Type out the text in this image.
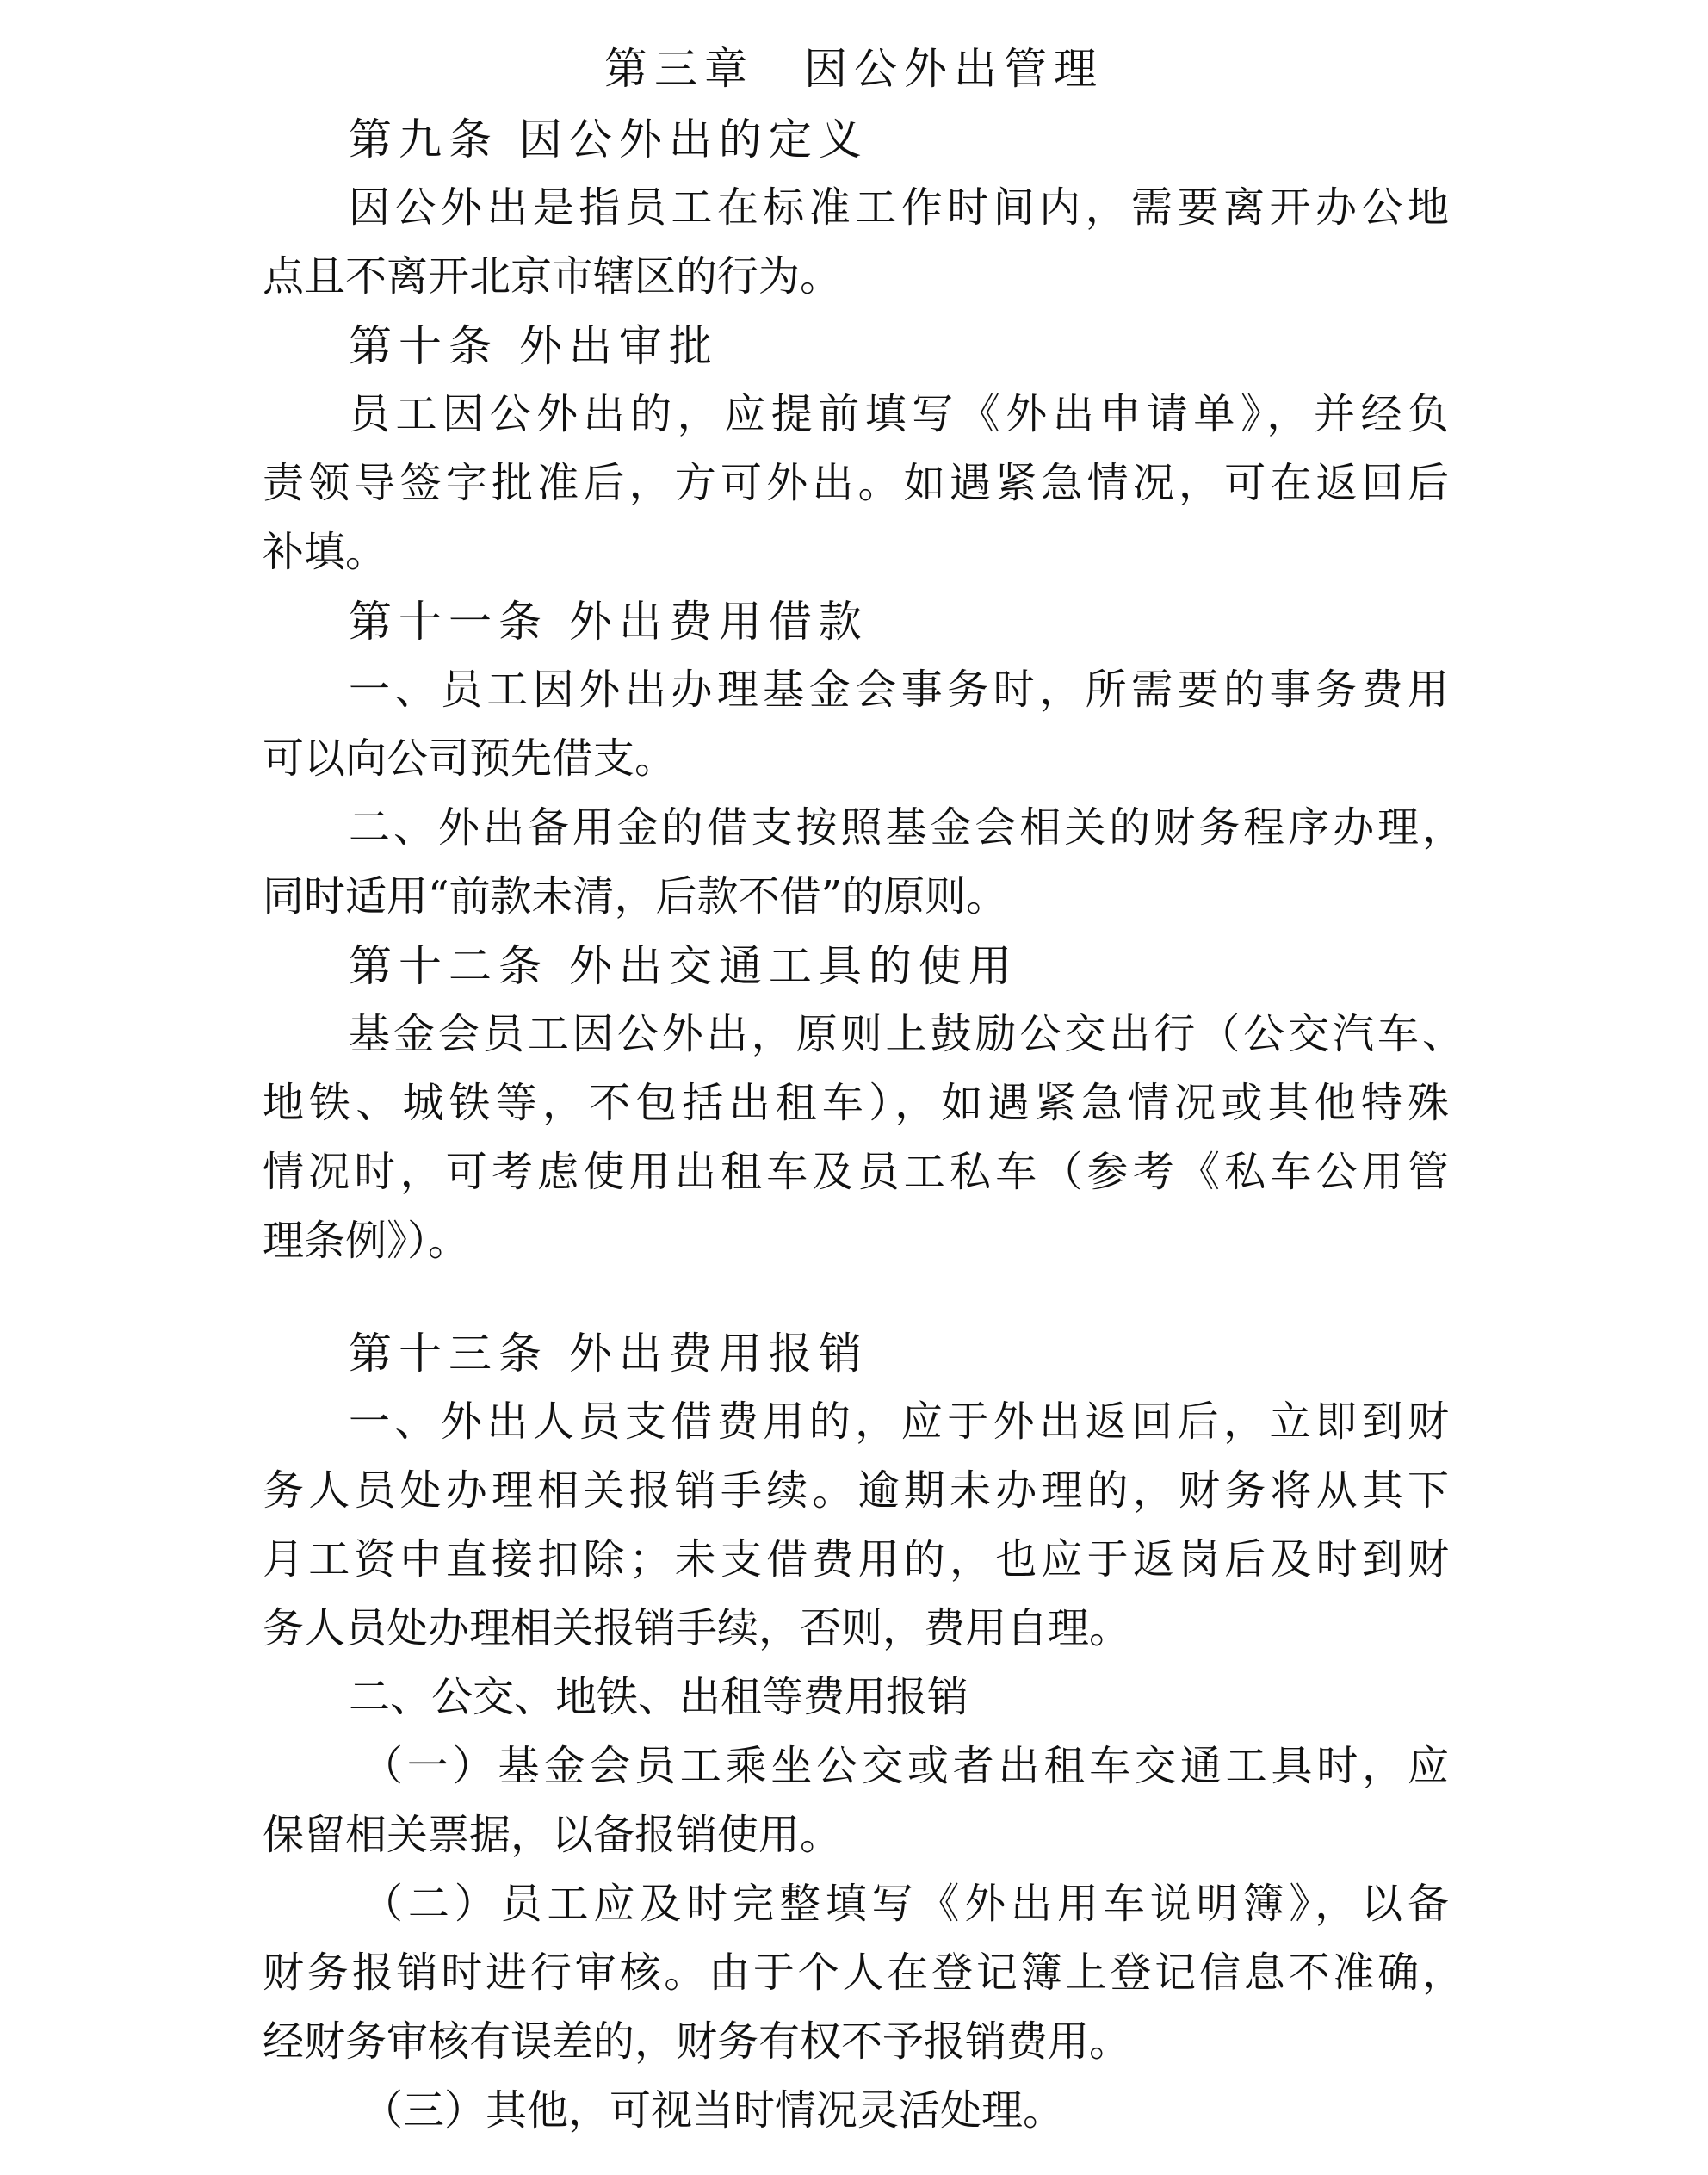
第三章　因公外出管理
第九条 因公外出的定义
因公外出是指员工在标准工作时间内，需要离开办公地
点且不离开北京市辖区的行为。
第十条 外出审批
员工因公外出的，应提前填写《外出申请单》，并经负
责领导签字批准后，方可外出。如遇紧急情况，可在返回后
补填。
第十一条 外出费用借款
一、员工因外出办理基金会事务时，所需要的事务费用
可以向公司预先借支。
二、外出备用金的借支按照基金会相关的财务程序办理，
同时适用“前款未清，后款不借”的原则。
第十二条 外出交通工具的使用
基金会员工因公外出，原则上鼓励公交出行（公交汽车、
地铁、城铁等，不包括出租车），如遇紧急情况或其他特殊
情况时，可考虑使用出租车及员工私车（参考《私车公用管
理条例》）。
第十三条 外出费用报销
一、外出人员支借费用的，应于外出返回后，立即到财
务人员处办理相关报销手续。逾期未办理的，财务将从其下
月工资中直接扣除；未支借费用的，也应于返岗后及时到财
务人员处办理相关报销手续，否则，费用自理。
二、公交、地铁、出租等费用报销
（一）基金会员工乘坐公交或者出租车交通工具时，应
保留相关票据，以备报销使用。
（二）员工应及时完整填写《外出用车说明簿》，以备
财务报销时进行审核。由于个人在登记簿上登记信息不准确，
经财务审核有误差的，财务有权不予报销费用。
（三）其他，可视当时情况灵活处理。
